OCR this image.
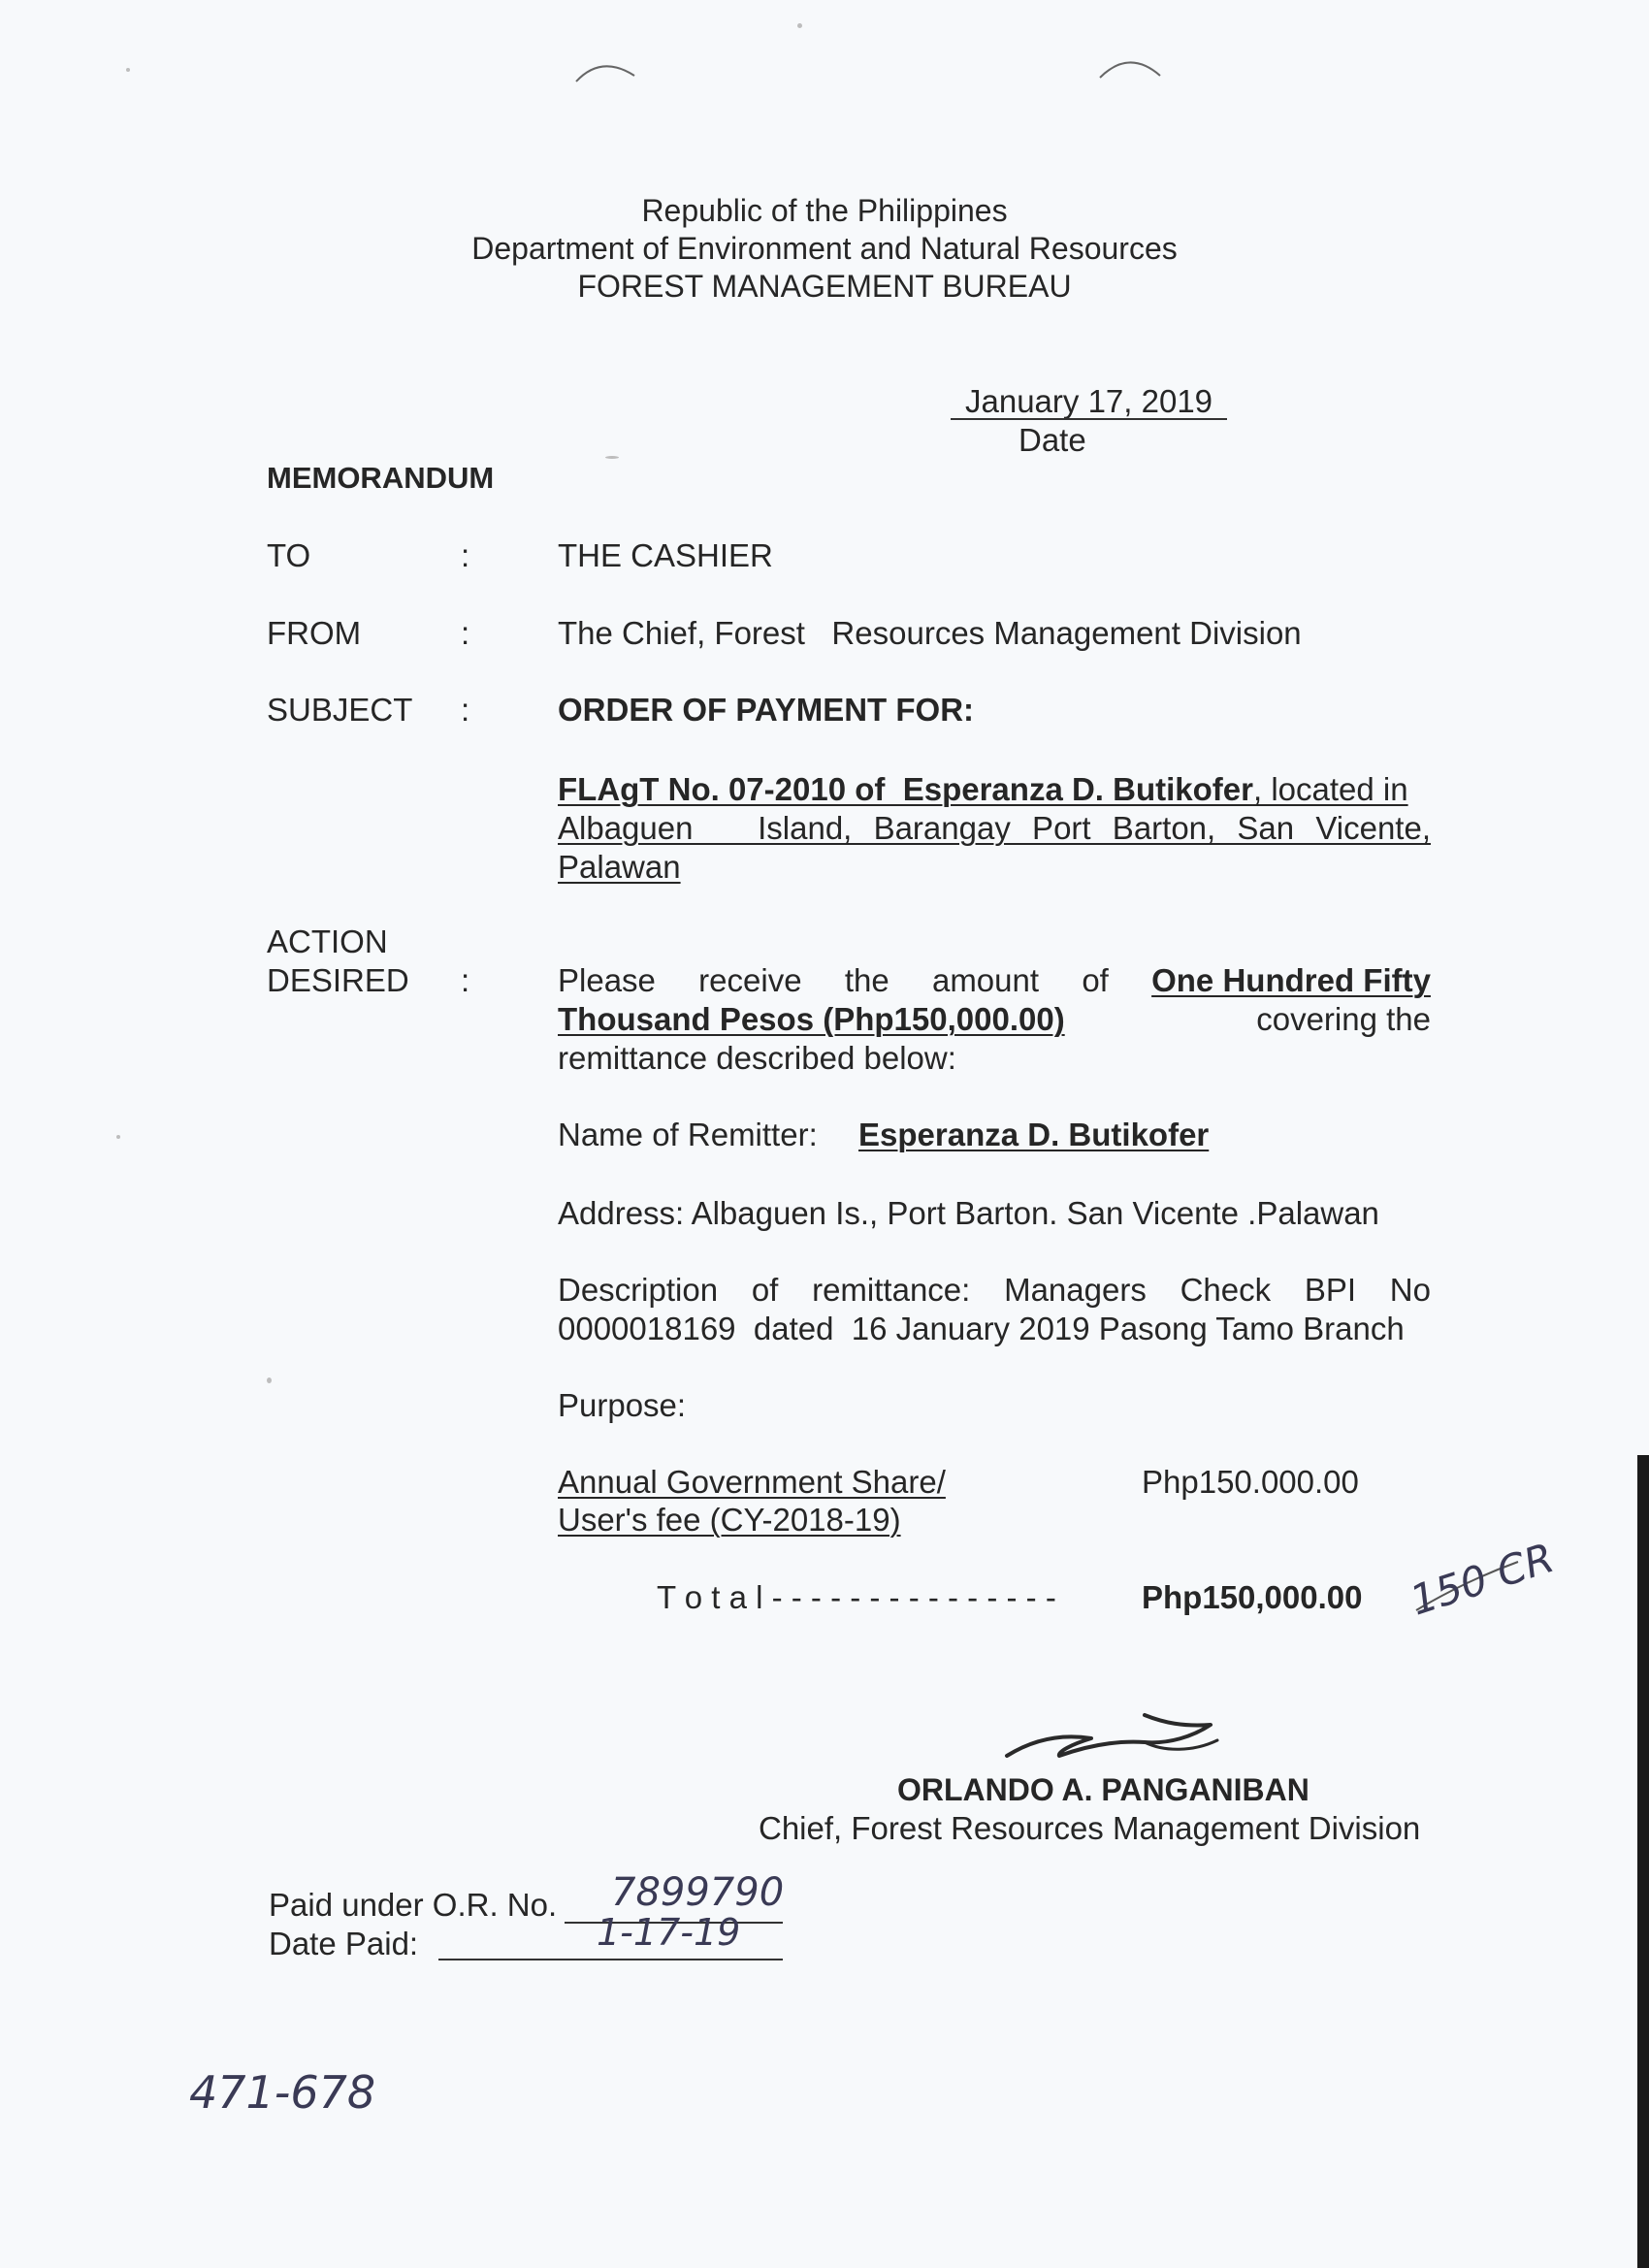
Republic of the Philippines
Department of Environment and Natural Resources
FOREST MANAGEMENT BUREAU
January 17, 2019
Date
MEMORANDUM
TO	:	THE CASHIER
FROM	:	The Chief, Forest   Resources Management Division
SUBJECT :	ORDER OF PAYMENT FOR:
FLAgT No. 07-2010 of  Esperanza D. Butikofer, located in
Albaguen   Island, Barangay Port Barton, San Vicente,
Palawan
ACTION
DESIRED :	Please receive the amount of One Hundred Fifty
Thousand Pesos (Php150,000.00)	covering the
remittance described below:
Name of Remitter: Esperanza D. Butikofer
Address: Albaguen Is., Port Barton. San Vicente .Palawan
Description of remittance: Managers Check BPI No
0000018169  dated  16 January 2019 Pasong Tamo Branch
Purpose:
Annual Government Share/
User's fee (CY-2018-19)
Php150.000.00
T o t a l - - - - - - - - - - - - - - -	Php150,000.00 150 CR
ORLANDO A. PANGANIBAN
Chief, Forest Resources Management Division
Paid under O.R. No. 7899790
Date Paid:	1-17-19
471-678
